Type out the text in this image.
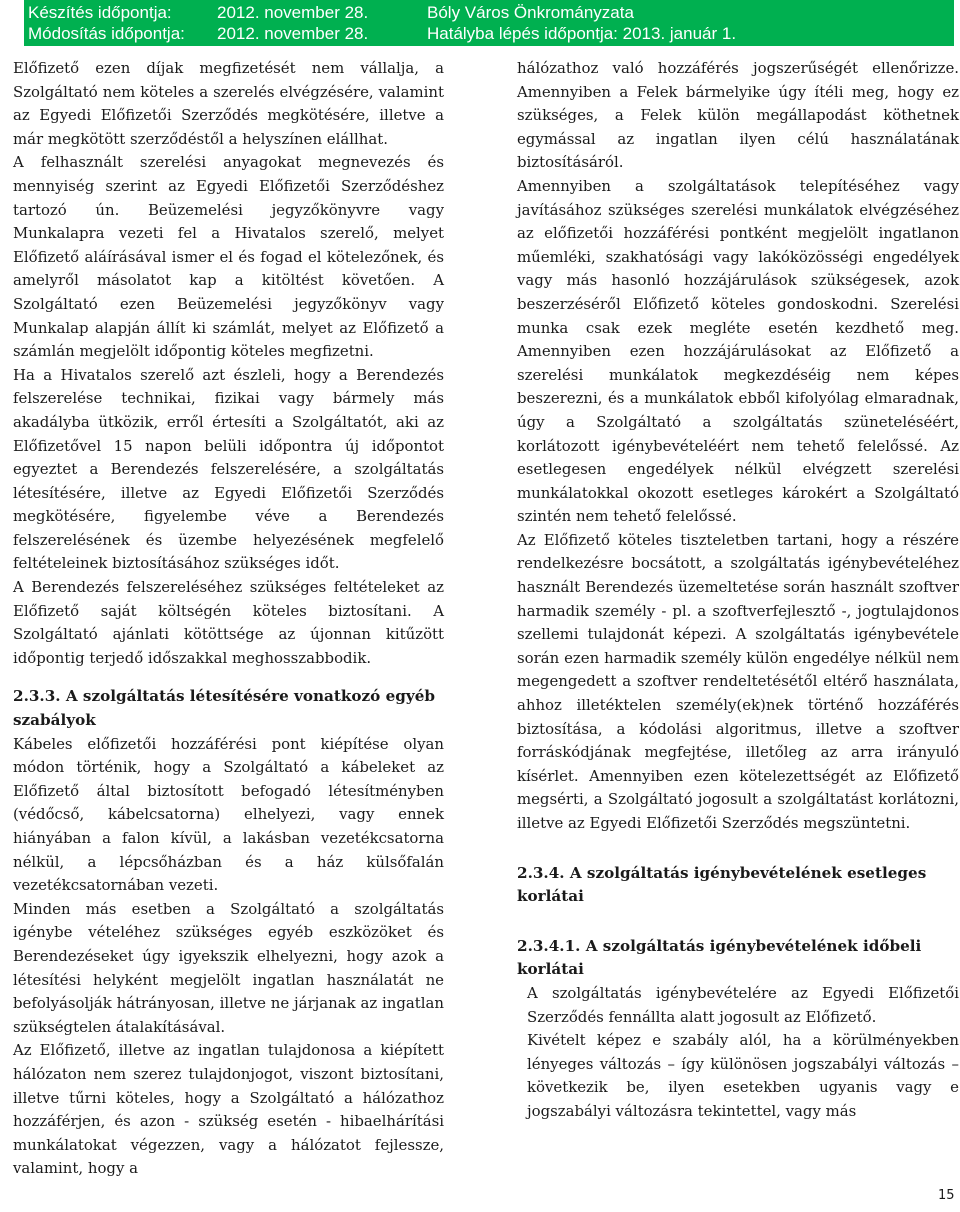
Készítés időpontja:	2012. november 28.	Bóly Város Önkrományzata
Módosítás időpontja:	2012. november 28.	Hatályba lépés időpontja: 2013. január 1.

Előfizető ezen díjak megfizetését nem vállalja, a Szolgáltató nem köteles a szerelés elvégzésére, valamint az Egyedi Előfizetői Szerződés megkötésére, illetve a már megkötött szerződéstől a helyszínen elállhat.

A felhasznált szerelési anyagokat megnevezés és mennyiség szerint az Egyedi Előfizetői Szerződéshez tartozó ún. Beüzemelési jegyzőkönyvre vagy Munkalapra vezeti fel a Hivatalos szerelő, melyet Előfizető aláírásával ismer el és fogad el kötelezőnek, és amelyről másolatot kap a kitöltést követően. A Szolgáltató ezen Beüzemelési jegyzőkönyv vagy Munkalap alapján állít ki számlát, melyet az Előfizető a számlán megjelölt időpontig köteles megfizetni.

Ha a Hivatalos szerelő azt észleli, hogy a Berendezés felszerelése technikai, fizikai vagy bármely más akadályba ütközik, erről értesíti a Szolgáltatót, aki az Előfizetővel 15 napon belüli időpontra új időpontot egyeztet a Berendezés felszerelésére, a szolgáltatás létesítésére, illetve az Egyedi Előfizetői Szerződés megkötésére, figyelembe véve a Berendezés felszerelésének és üzembe helyezésének megfelelő feltételeinek biztosításához szükséges időt.

A Berendezés felszereléséhez szükséges feltételeket az Előfizető saját költségén köteles biztosítani. A Szolgáltató ajánlati kötöttsége az újonnan kitűzött időpontig terjedő időszakkal meghosszabbodik.

2.3.3. A szolgáltatás létesítésére vonatkozó egyéb szabályok

Kábeles előfizetői hozzáférési pont kiépítése olyan módon történik, hogy a Szolgáltató a kábeleket az Előfizető által biztosított befogadó létesítményben (védőcső, kábelcsatorna) elhelyezi, vagy ennek hiányában a falon kívül, a lakásban vezetékcsatorna nélkül, a lépcsőházban és a ház külsőfalán vezetékcsatornában vezeti.

Minden más esetben a Szolgáltató a szolgáltatás igénybe vételéhez szükséges egyéb eszközöket és Berendezéseket úgy igyekszik elhelyezni, hogy azok a létesítési helyként megjelölt ingatlan használatát ne befolyásolják hátrányosan, illetve ne járjanak az ingatlan szükségtelen átalakításával.

Az Előfizető, illetve az ingatlan tulajdonosa a kiépített hálózaton nem szerez tulajdonjogot, viszont biztosítani, illetve tűrni köteles, hogy a Szolgáltató a hálózathoz hozzáférjen, és azon - szükség esetén - hibaelhárítási munkálatokat végezzen, vagy a hálózatot fejlessze, valamint, hogy a

hálózathoz való hozzáférés jogszerűségét ellenőrizze. Amennyiben a Felek bármelyike úgy ítéli meg, hogy ez szükséges, a Felek külön megállapodást köthetnek egymással az ingatlan ilyen célú használatának biztosításáról.

Amennyiben a szolgáltatások telepítéséhez vagy javításához szükséges szerelési munkálatok elvégzéséhez az előfizetői hozzáférési pontként megjelölt ingatlanon műemléki, szakhatósági vagy lakóközösségi engedélyek vagy más hasonló hozzájárulások szükségesek, azok beszerzéséről Előfizető köteles gondoskodni. Szerelési munka csak ezek megléte esetén kezdhető meg. Amennyiben ezen hozzájárulásokat az Előfizető a szerelési munkálatok megkezdéséig nem képes beszerezni, és a munkálatok ebből kifolyólag elmaradnak, úgy a Szolgáltató a szolgáltatás szüneteléséért, korlátozott igénybevételéért nem tehető felelőssé. Az esetlegesen engedélyek nélkül elvégzett szerelési munkálatokkal okozott esetleges károkért a Szolgáltató szintén nem tehető felelőssé.

Az Előfizető köteles tiszteletben tartani, hogy a részére rendelkezésre bocsátott, a szolgáltatás igénybevételéhez használt Berendezés üzemeltetése során használt szoftver harmadik személy - pl. a szoftverfejlesztő -, jogtulajdonos szellemi tulajdonát képezi. A szolgáltatás igénybevétele során ezen harmadik személy külön engedélye nélkül nem megengedett a szoftver rendeltetésétől eltérő használata, ahhoz illetéktelen személy(ek)nek történő hozzáférés biztosítása, a kódolási algoritmus, illetve a szoftver forráskódjának megfejtése, illetőleg az arra irányuló kísérlet. Amennyiben ezen kötelezettségét az Előfizető megsérti, a Szolgáltató jogosult a szolgáltatást korlátozni, illetve az Egyedi Előfizetői Szerződés megszüntetni.

2.3.4. A szolgáltatás igénybevételének esetleges korlátai
2.3.4.1. A szolgáltatás igénybevételének időbeli korlátai

A szolgáltatás igénybevételére az Egyedi Előfizetői Szerződés fennállta alatt jogosult az Előfizető.

Kivételt képez e szabály alól, ha a körülményekben lényeges változás – így különösen jogszabályi változás – következik be, ilyen esetekben ugyanis vagy e jogszabályi változásra tekintettel, vagy más

15
